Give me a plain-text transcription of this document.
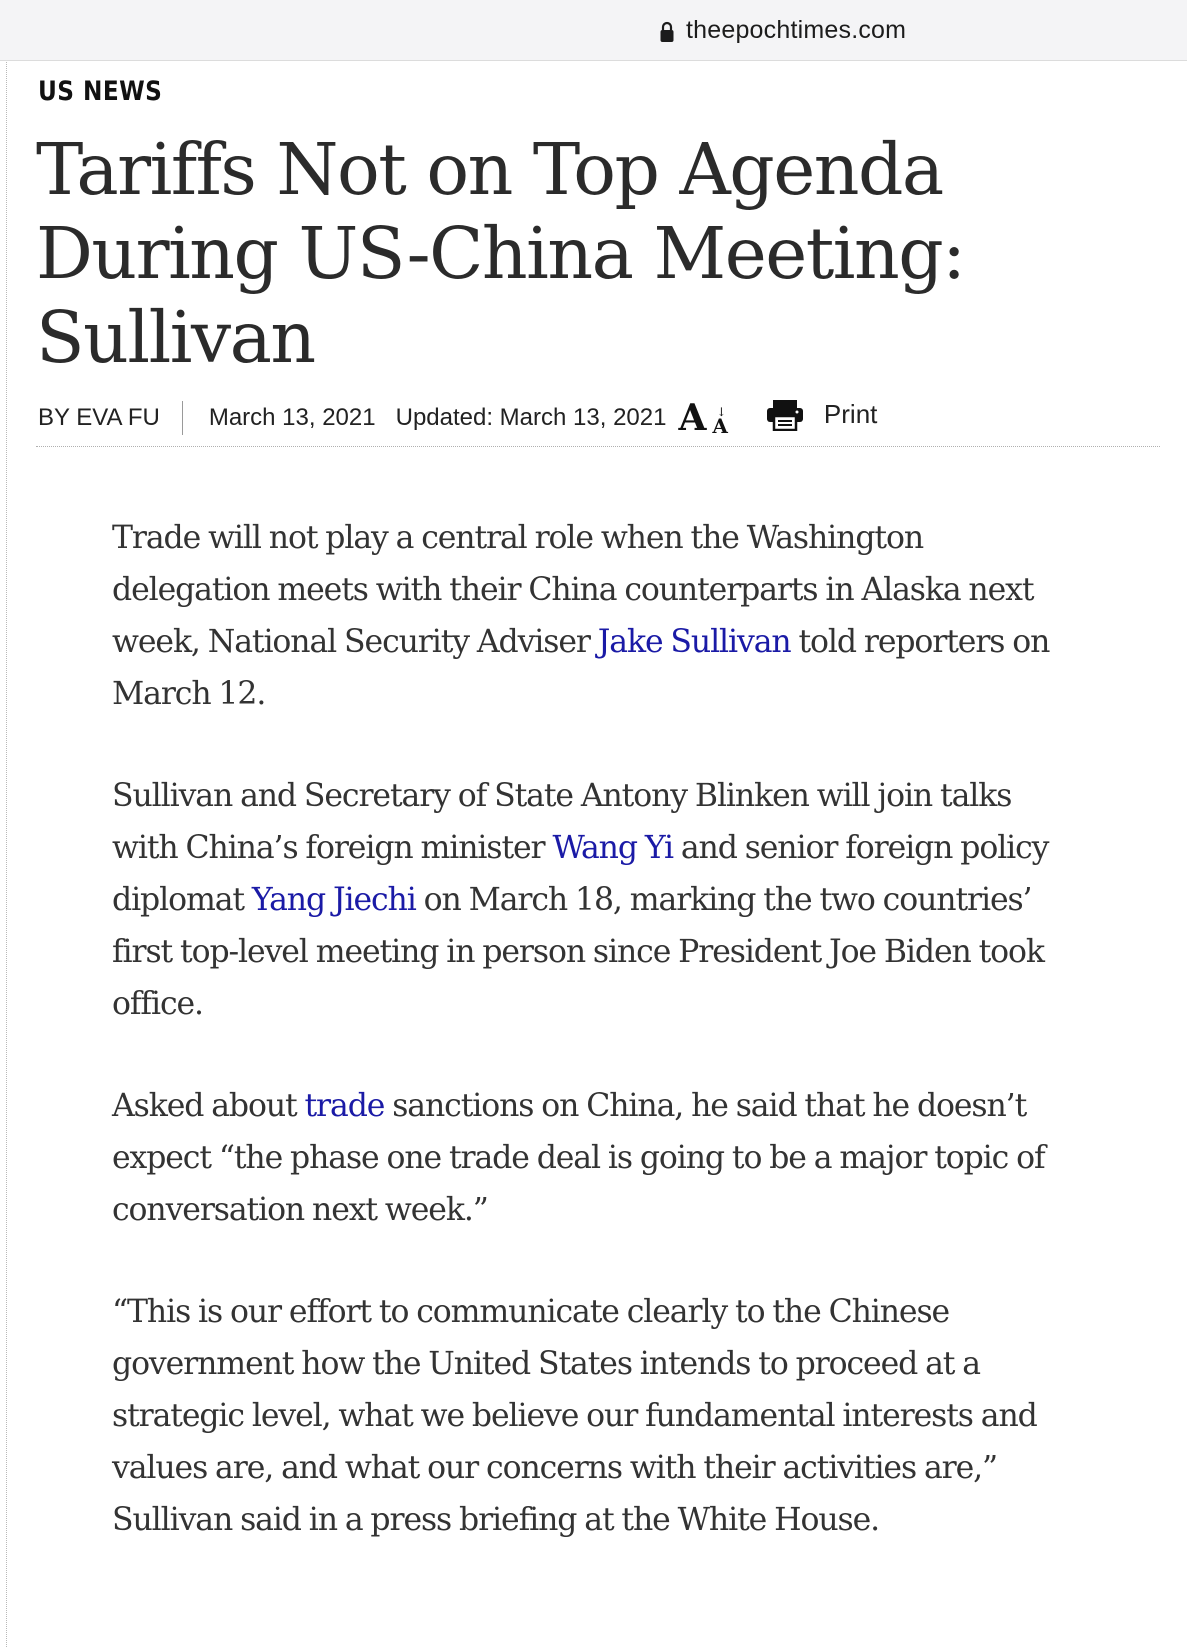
theepochtimes.com
US NEWS
Tariffs Not on Top Agenda During US-China Meeting: Sullivan
BY EVA FU March 13, 2021 Updated: March 13, 2021 A
↓ A	Print

Trade will not play a central role when the Washington delegation meets with their China counterparts in Alaska next week, National Security Adviser Jake Sullivan told reporters on March 12.

Sullivan and Secretary of State Antony Blinken will join talks with China’s foreign minister Wang Yi and senior foreign policy diplomat Yang Jiechi on March 18, marking the two countries’ first top-level meeting in person since President Joe Biden took office.

Asked about trade sanctions on China, he said that he doesn’t expect “the phase one trade deal is going to be a major topic of conversation next week.”

“This is our effort to communicate clearly to the Chinese government how the United States intends to proceed at a strategic level, what we believe our fundamental interests and values are, and what our concerns with their activities are,” Sullivan said in a press briefing at the White House.
